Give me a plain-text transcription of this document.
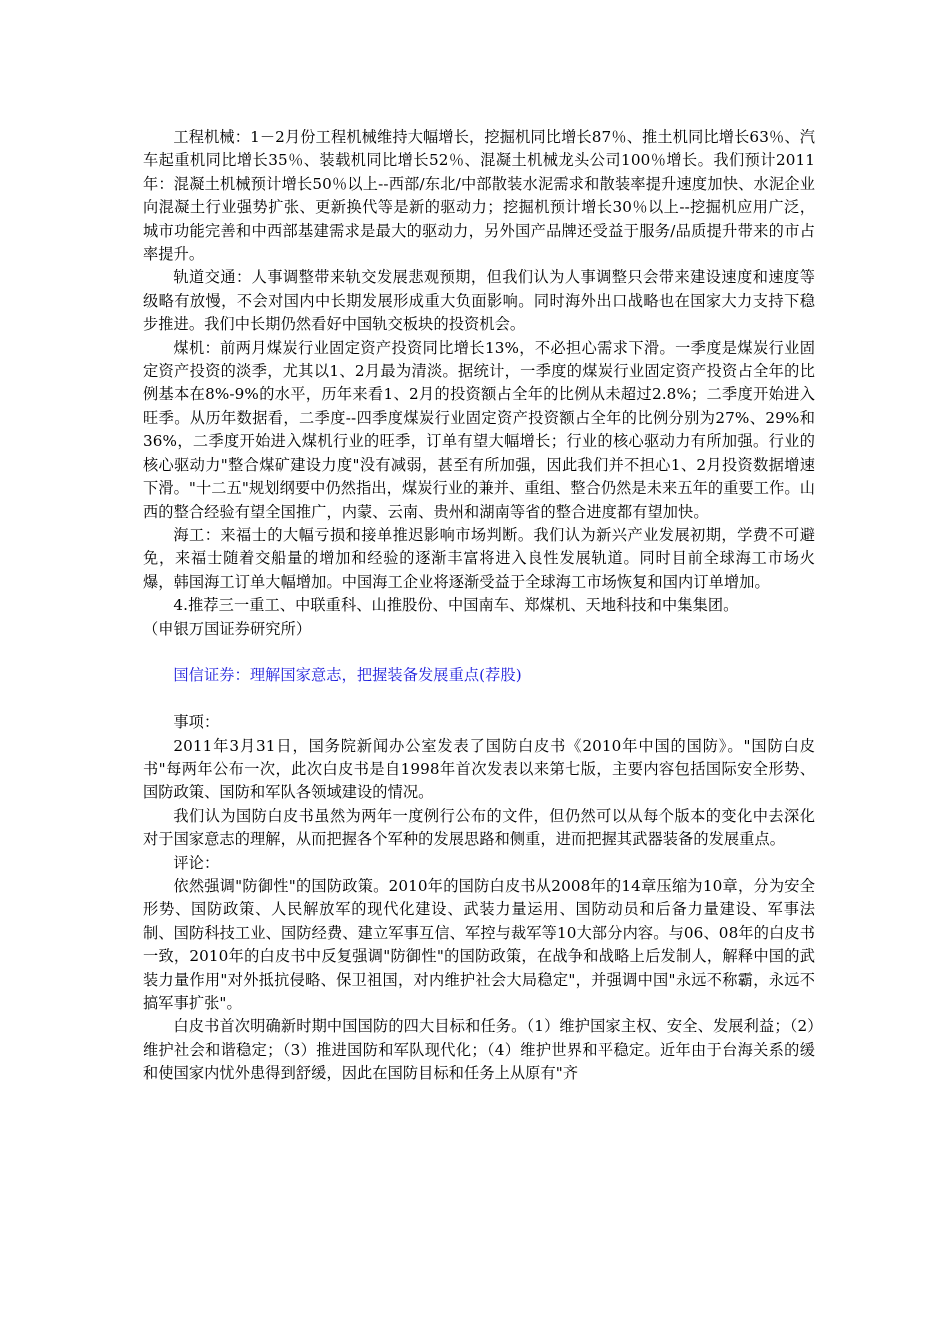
工程机械：1－2月份工程机械维持大幅增长，挖掘机同比增长87％、推土机同比增长63％、汽车起重机同比增长35％、装载机同比增长52％、混凝土机械龙头公司100％增长。我们预计2011年：混凝土机械预计增长50％以上--西部/东北/中部散装水泥需求和散装率提升速度加快、水泥企业向混凝土行业强势扩张、更新换代等是新的驱动力；挖掘机预计增长30％以上--挖掘机应用广泛，城市功能完善和中西部基建需求是最大的驱动力，另外国产品牌还受益于服务/品质提升带来的市占率提升。

轨道交通：人事调整带来轨交发展悲观预期，但我们认为人事调整只会带来建设速度和速度等级略有放慢，不会对国内中长期发展形成重大负面影响。同时海外出口战略也在国家大力支持下稳步推进。我们中长期仍然看好中国轨交板块的投资机会。

煤机：前两月煤炭行业固定资产投资同比增长13%，不必担心需求下滑。一季度是煤炭行业固定资产投资的淡季，尤其以1、2月最为清淡。据统计，一季度的煤炭行业固定资产投资占全年的比例基本在8%-9%的水平，历年来看1、2月的投资额占全年的比例从未超过2.8%；二季度开始进入旺季。从历年数据看，二季度--四季度煤炭行业固定资产投资额占全年的比例分别为27%、29%和36%，二季度开始进入煤机行业的旺季，订单有望大幅增长；行业的核心驱动力有所加强。行业的核心驱动力"整合煤矿建设力度"没有减弱，甚至有所加强，因此我们并不担心1、2月投资数据增速下滑。"十二五"规划纲要中仍然指出，煤炭行业的兼并、重组、整合仍然是未来五年的重要工作。山西的整合经验有望全国推广，内蒙、云南、贵州和湖南等省的整合进度都有望加快。

海工：来福士的大幅亏损和接单推迟影响市场判断。我们认为新兴产业发展初期，学费不可避免，来福士随着交船量的增加和经验的逐渐丰富将进入良性发展轨道。同时目前全球海工市场火爆，韩国海工订单大幅增加。中国海工企业将逐渐受益于全球海工市场恢复和国内订单增加。

4.推荐三一重工、中联重科、山推股份、中国南车、郑煤机、天地科技和中集集团。

（申银万国证券研究所）

国信证券：理解国家意志，把握装备发展重点(荐股)

事项：

2011年3月31日，国务院新闻办公室发表了国防白皮书《2010年中国的国防》。"国防白皮书"每两年公布一次，此次白皮书是自1998年首次发表以来第七版，主要内容包括国际安全形势、国防政策、国防和军队各领域建设的情况。

我们认为国防白皮书虽然为两年一度例行公布的文件，但仍然可以从每个版本的变化中去深化对于国家意志的理解，从而把握各个军种的发展思路和侧重，进而把握其武器装备的发展重点。

评论：

依然强调"防御性"的国防政策。2010年的国防白皮书从2008年的14章压缩为10章，分为安全形势、国防政策、人民解放军的现代化建设、武装力量运用、国防动员和后备力量建设、军事法制、国防科技工业、国防经费、建立军事互信、军控与裁军等10大部分内容。与06、08年的白皮书一致，2010年的白皮书中反复强调"防御性"的国防政策，在战争和战略上后发制人，解释中国的武装力量作用"对外抵抗侵略、保卫祖国，对内维护社会大局稳定"，并强调中国"永远不称霸，永远不搞军事扩张"。

白皮书首次明确新时期中国国防的四大目标和任务。（1）维护国家主权、安全、发展利益；（2）维护社会和谐稳定；（3）推进国防和军队现代化；（4）维护世界和平稳定。近年由于台海关系的缓和使国家内忧外患得到舒缓，因此在国防目标和任务上从原有"齐
